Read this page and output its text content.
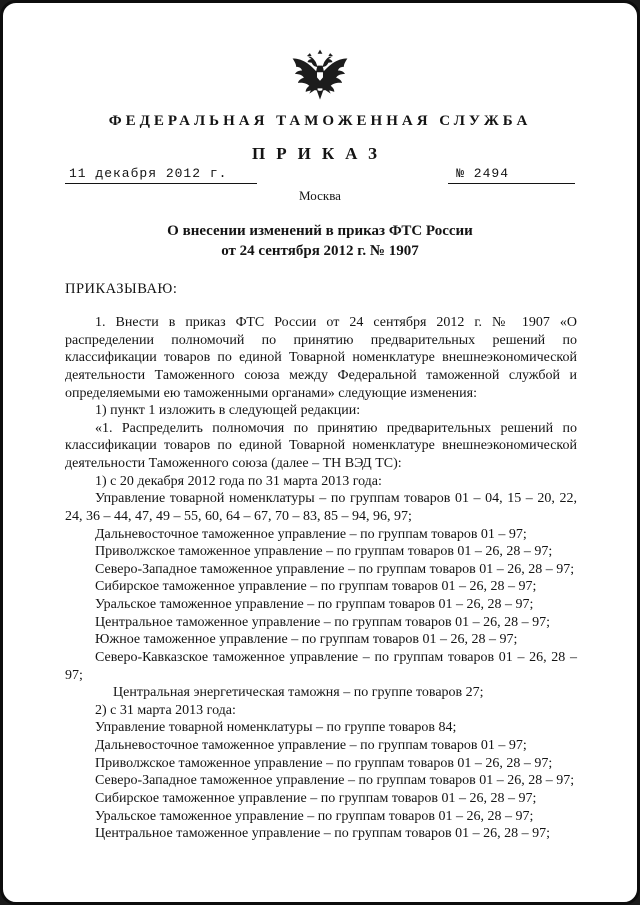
ФЕДЕРАЛЬНАЯ ТАМОЖЕННАЯ СЛУЖБА
ПРИКАЗ
11 декабря 2012 г.	№ 2494
Москва
О внесении изменений в приказ ФТС России
от 24 сентября 2012 г. № 1907
ПРИКАЗЫВАЮ:

1. Внести в приказ ФТС России от 24 сентября 2012 г. № 1907 «О распределении полномочий по принятию предварительных решений по классификации товаров по единой Товарной номенклатуре внешнеэкономической деятельности Таможенного союза между Федеральной таможенной службой и определяемыми ею таможенными органами» следующие изменения:

1) пункт 1 изложить в следующей редакции:

«1. Распределить полномочия по принятию предварительных решений по классификации товаров по единой Товарной номенклатуре внешнеэкономической деятельности Таможенного союза (далее – ТН ВЭД ТС):

1) с 20 декабря 2012 года по 31 марта 2013 года:

Управление товарной номенклатуры – по группам товаров 01 – 04, 15 – 20, 22, 24, 36 – 44, 47, 49 – 55, 60, 64 – 67, 70 – 83, 85 – 94, 96, 97;

Дальневосточное таможенное управление – по группам товаров 01 – 97;

Приволжское таможенное управление – по группам товаров 01 – 26, 28 – 97;

Северо-Западное таможенное управление – по группам товаров 01 – 26, 28 – 97;

Сибирское таможенное управление – по группам товаров 01 – 26, 28 – 97;

Уральское таможенное управление – по группам товаров 01 – 26, 28 – 97;

Центральное таможенное управление – по группам товаров 01 – 26, 28 – 97;

Южное таможенное управление – по группам товаров 01 – 26, 28 – 97;

Северо-Кавказское таможенное управление – по группам товаров 01 – 26, 28 – 97;

Центральная энергетическая таможня – по группе товаров 27;

2) с 31 марта 2013 года:

Управление товарной номенклатуры – по группе товаров 84;

Дальневосточное таможенное управление – по группам товаров 01 – 97;

Приволжское таможенное управление – по группам товаров 01 – 26, 28 – 97;

Северо-Западное таможенное управление – по группам товаров 01 – 26, 28 – 97;

Сибирское таможенное управление – по группам товаров 01 – 26, 28 – 97;

Уральское таможенное управление – по группам товаров 01 – 26, 28 – 97;

Центральное таможенное управление – по группам товаров 01 – 26, 28 – 97;
